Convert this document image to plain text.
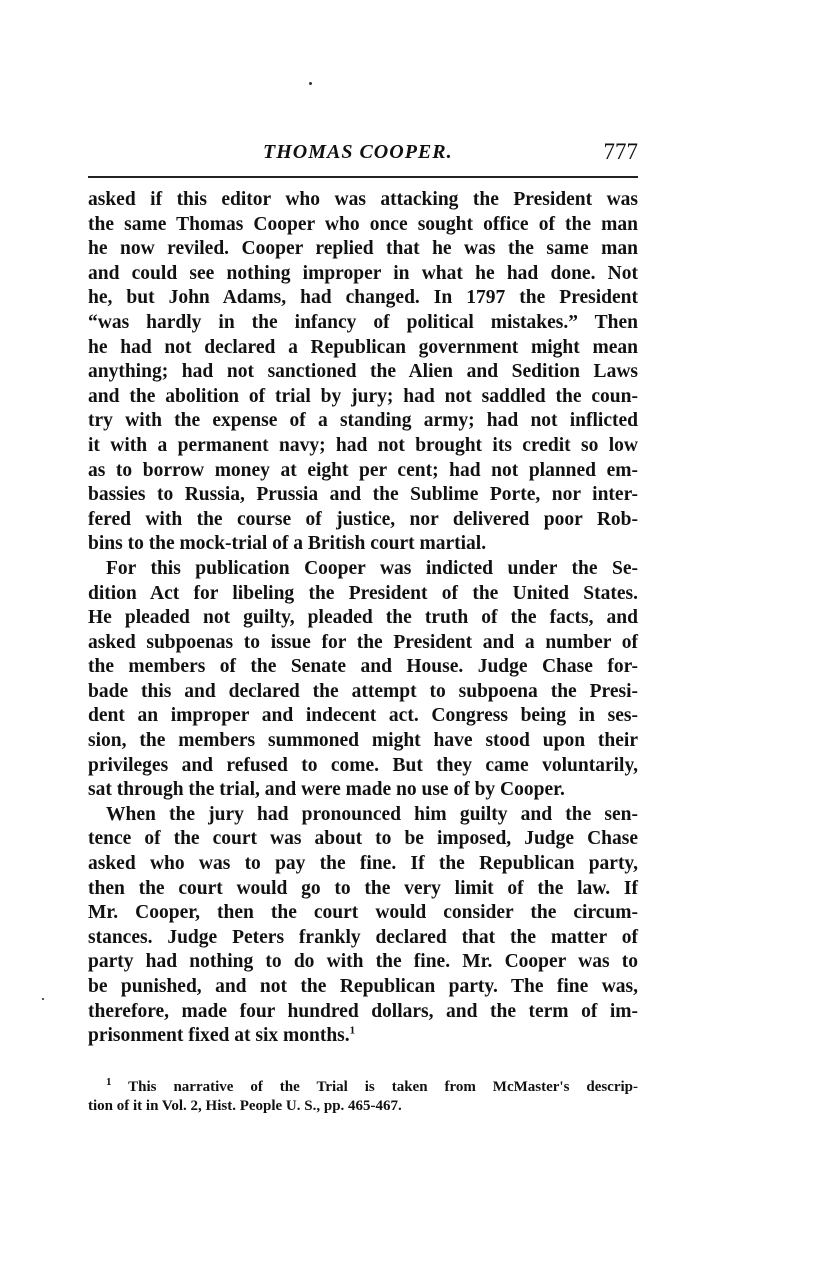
THOMAS COOPER.	777
asked if this editor who was attacking the President was
the same Thomas Cooper who once sought office of the man
he now reviled. Cooper replied that he was the same man
and could see nothing improper in what he had done. Not
he, but John Adams, had changed. In 1797 the President
“was hardly in the infancy of political mistakes.” Then
he had not declared a Republican government might mean
anything; had not sanctioned the Alien and Sedition Laws
and the abolition of trial by jury; had not saddled the coun-
try with the expense of a standing army; had not inflicted
it with a permanent navy; had not brought its credit so low
as to borrow money at eight per cent; had not planned em-
bassies to Russia, Prussia and the Sublime Porte, nor inter-
fered with the course of justice, nor delivered poor Rob-
bins to the mock-trial of a British court martial.
For this publication Cooper was indicted under the Se-
dition Act for libeling the President of the United States.
He pleaded not guilty, pleaded the truth of the facts, and
asked subpoenas to issue for the President and a number of
the members of the Senate and House. Judge Chase for-
bade this and declared the attempt to subpoena the Presi-
dent an improper and indecent act. Congress being in ses-
sion, the members summoned might have stood upon their
privileges and refused to come. But they came voluntarily,
sat through the trial, and were made no use of by Cooper.
When the jury had pronounced him guilty and the sen-
tence of the court was about to be imposed, Judge Chase
asked who was to pay the fine. If the Republican party,
then the court would go to the very limit of the law. If
Mr. Cooper, then the court would consider the circum-
stances. Judge Peters frankly declared that the matter of
party had nothing to do with the fine. Mr. Cooper was to
be punished, and not the Republican party. The fine was,
therefore, made four hundred dollars, and the term of im-
prisonment fixed at six months.$^1$
$^1$ This narrative of the Trial is taken from McMaster's descrip-
tion of it in Vol. 2, Hist. People U. S., pp. 465-467.
